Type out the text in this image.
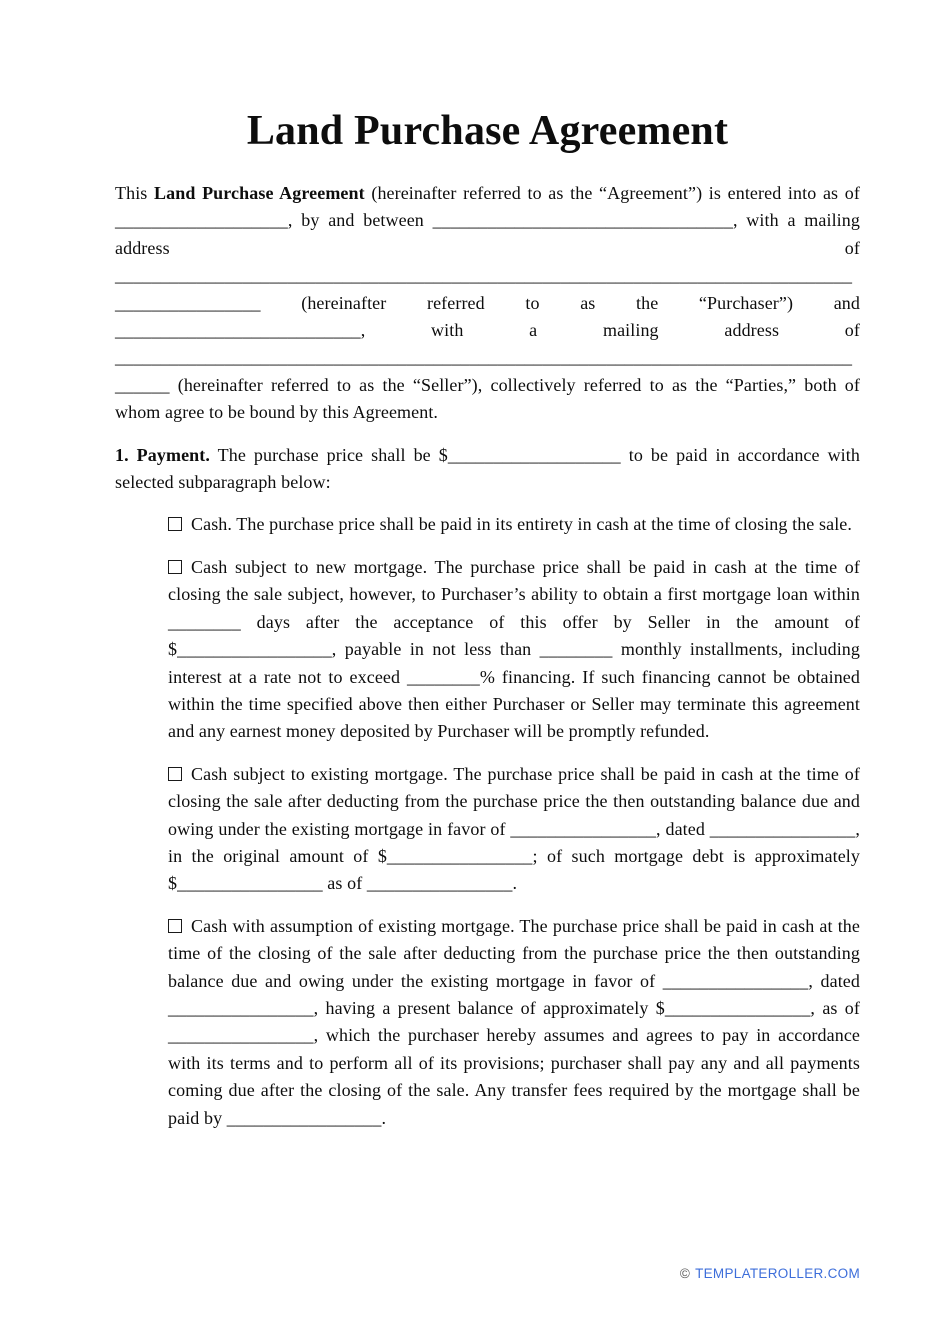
Land Purchase Agreement

This Land Purchase Agreement (hereinafter referred to as the “Agreement”) is entered into as of ___________________, by and between _________________________________, with a mailing address of _________________________________________________________________________________________________ (hereinafter referred to as the “Purchaser”) and ___________________________, with a mailing address of _______________________________________________________________________________________ (hereinafter referred to as the “Seller”), collectively referred to as the “Parties,” both of whom agree to be bound by this Agreement.

1. Payment. The purchase price shall be $___________________ to be paid in accordance with selected subparagraph below:

Cash. The purchase price shall be paid in its entirety in cash at the time of closing the sale.

Cash subject to new mortgage. The purchase price shall be paid in cash at the time of closing the sale subject, however, to Purchaser’s ability to obtain a first mortgage loan within ________ days after the acceptance of this offer by Seller in the amount of $_________________, payable in not less than ________ monthly installments, including interest at a rate not to exceed ________% financing. If such financing cannot be obtained within the time specified above then either Purchaser or Seller may terminate this agreement and any earnest money deposited by Purchaser will be promptly refunded.

Cash subject to existing mortgage. The purchase price shall be paid in cash at the time of closing the sale after deducting from the purchase price the then outstanding balance due and owing under the existing mortgage in favor of ________________, dated ________________, in the original amount of $________________; of such mortgage debt is approximately $________________ as of ________________.

Cash with assumption of existing mortgage. The purchase price shall be paid in cash at the time of the closing of the sale after deducting from the purchase price the then outstanding balance due and owing under the existing mortgage in favor of ________________, dated ________________, having a present balance of approximately $________________, as of ________________, which the purchaser hereby assumes and agrees to pay in accordance with its terms and to perform all of its provisions; purchaser shall pay any and all payments coming due after the closing of the sale. Any transfer fees required by the mortgage shall be paid by _________________.

© TEMPLATEROLLER.COM
